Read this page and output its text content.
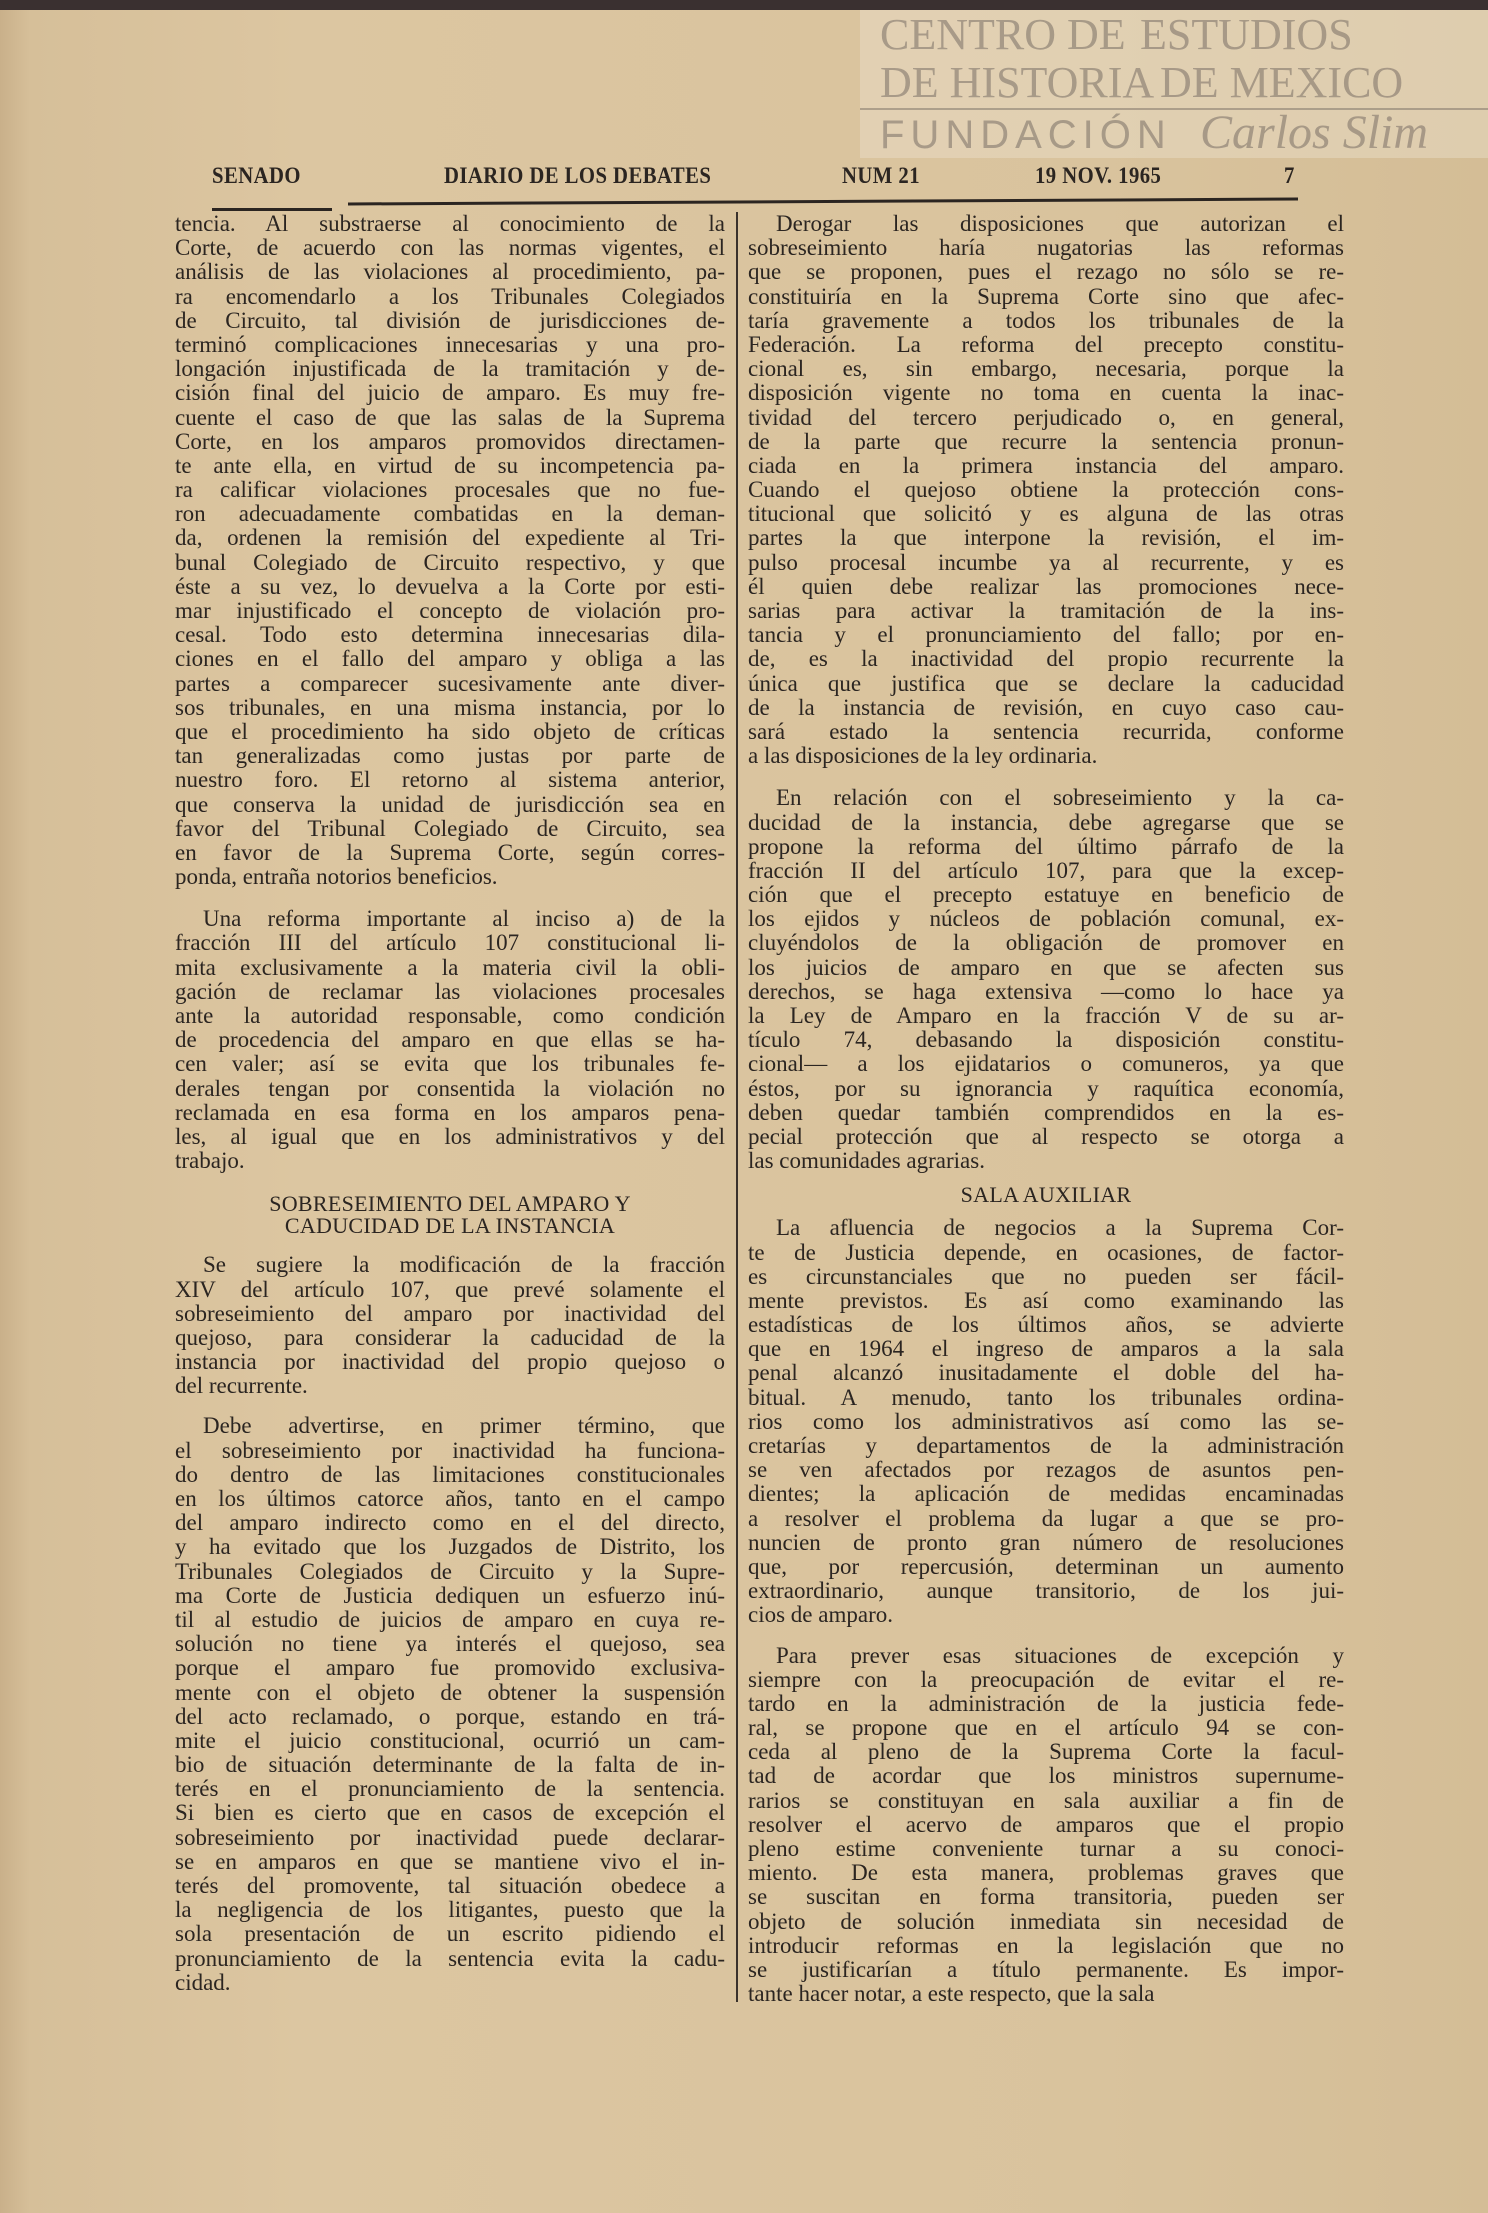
CENTRO DE ESTUDIOS
DE HISTORIA DE MEXICO
FUNDACIÓN Carlos Slim
SENADO	DIARIO DE LOS DEBATES	NUM 21	19 NOV. 1965	7
tencia. Al substraerse al conocimiento de la
Corte, de acuerdo con las normas vigentes, el
análisis de las violaciones al procedimiento, pa-
ra encomendarlo a los Tribunales Colegiados
de Circuito, tal división de jurisdicciones de-
terminó complicaciones innecesarias y una pro-
longación injustificada de la tramitación y de-
cisión final del juicio de amparo. Es muy fre-
cuente el caso de que las salas de la Suprema
Corte, en los amparos promovidos directamen-
te ante ella, en virtud de su incompetencia pa-
ra calificar violaciones procesales que no fue-
ron adecuadamente combatidas en la deman-
da, ordenen la remisión del expediente al Tri-
bunal Colegiado de Circuito respectivo, y que
éste a su vez, lo devuelva a la Corte por esti-
mar injustificado el concepto de violación pro-
cesal. Todo esto determina innecesarias dila-
ciones en el fallo del amparo y obliga a las
partes a comparecer sucesivamente ante diver-
sos tribunales, en una misma instancia, por lo
que el procedimiento ha sido objeto de críticas
tan generalizadas como justas por parte de
nuestro foro. El retorno al sistema anterior,
que conserva la unidad de jurisdicción sea en
favor del Tribunal Colegiado de Circuito, sea
en favor de la Suprema Corte, según corres-
ponda, entraña notorios beneficios.
Una reforma importante al inciso a) de la
fracción III del artículo 107 constitucional li-
mita exclusivamente a la materia civil la obli-
gación de reclamar las violaciones procesales
ante la autoridad responsable, como condición
de procedencia del amparo en que ellas se ha-
cen valer; así se evita que los tribunales fe-
derales tengan por consentida la violación no
reclamada en esa forma en los amparos pena-
les, al igual que en los administrativos y del
trabajo.
SOBRESEIMIENTO DEL AMPARO Y
CADUCIDAD DE LA INSTANCIA
Se sugiere la modificación de la fracción
XIV del artículo 107, que prevé solamente el
sobreseimiento del amparo por inactividad del
quejoso, para considerar la caducidad de la
instancia por inactividad del propio quejoso o
del recurrente.
Debe advertirse, en primer término, que
el sobreseimiento por inactividad ha funciona-
do dentro de las limitaciones constitucionales
en los últimos catorce años, tanto en el campo
del amparo indirecto como en el del directo,
y ha evitado que los Juzgados de Distrito, los
Tribunales Colegiados de Circuito y la Supre-
ma Corte de Justicia dediquen un esfuerzo inú-
til al estudio de juicios de amparo en cuya re-
solución no tiene ya interés el quejoso, sea
porque el amparo fue promovido exclusiva-
mente con el objeto de obtener la suspensión
del acto reclamado, o porque, estando en trá-
mite el juicio constitucional, ocurrió un cam-
bio de situación determinante de la falta de in-
terés en el pronunciamiento de la sentencia.
Si bien es cierto que en casos de excepción el
sobreseimiento por inactividad puede declarar-
se en amparos en que se mantiene vivo el in-
terés del promovente, tal situación obedece a
la negligencia de los litigantes, puesto que la
sola presentación de un escrito pidiendo el
pronunciamiento de la sentencia evita la cadu-
cidad.
Derogar las disposiciones que autorizan el
sobreseimiento haría nugatorias las reformas
que se proponen, pues el rezago no sólo se re-
constituiría en la Suprema Corte sino que afec-
taría gravemente a todos los tribunales de la
Federación. La reforma del precepto constitu-
cional es, sin embargo, necesaria, porque la
disposición vigente no toma en cuenta la inac-
tividad del tercero perjudicado o, en general,
de la parte que recurre la sentencia pronun-
ciada en la primera instancia del amparo.
Cuando el quejoso obtiene la protección cons-
titucional que solicitó y es alguna de las otras
partes la que interpone la revisión, el im-
pulso procesal incumbe ya al recurrente, y es
él quien debe realizar las promociones nece-
sarias para activar la tramitación de la ins-
tancia y el pronunciamiento del fallo; por en-
de, es la inactividad del propio recurrente la
única que justifica que se declare la caducidad
de la instancia de revisión, en cuyo caso cau-
sará estado la sentencia recurrida, conforme
a las disposiciones de la ley ordinaria.
En relación con el sobreseimiento y la ca-
ducidad de la instancia, debe agregarse que se
propone la reforma del último párrafo de la
fracción II del artículo 107, para que la excep-
ción que el precepto estatuye en beneficio de
los ejidos y núcleos de población comunal, ex-
cluyéndolos de la obligación de promover en
los juicios de amparo en que se afecten sus
derechos, se haga extensiva —como lo hace ya
la Ley de Amparo en la fracción V de su ar-
tículo 74, debasando la disposición constitu-
cional— a los ejidatarios o comuneros, ya que
éstos, por su ignorancia y raquítica economía,
deben quedar también comprendidos en la es-
pecial protección que al respecto se otorga a
las comunidades agrarias.
SALA AUXILIAR
La afluencia de negocios a la Suprema Cor-
te de Justicia depende, en ocasiones, de factor-
es circunstanciales que no pueden ser fácil-
mente previstos. Es así como examinando las
estadísticas de los últimos años, se advierte
que en 1964 el ingreso de amparos a la sala
penal alcanzó inusitadamente el doble del ha-
bitual. A menudo, tanto los tribunales ordina-
rios como los administrativos así como las se-
cretarías y departamentos de la administración
se ven afectados por rezagos de asuntos pen-
dientes; la aplicación de medidas encaminadas
a resolver el problema da lugar a que se pro-
nuncien de pronto gran número de resoluciones
que, por repercusión, determinan un aumento
extraordinario, aunque transitorio, de los jui-
cios de amparo.
Para prever esas situaciones de excepción y
siempre con la preocupación de evitar el re-
tardo en la administración de la justicia fede-
ral, se propone que en el artículo 94 se con-
ceda al pleno de la Suprema Corte la facul-
tad de acordar que los ministros supernume-
rarios se constituyan en sala auxiliar a fin de
resolver el acervo de amparos que el propio
pleno estime conveniente turnar a su conoci-
miento. De esta manera, problemas graves que
se suscitan en forma transitoria, pueden ser
objeto de solución inmediata sin necesidad de
introducir reformas en la legislación que no
se justificarían a título permanente. Es impor-
tante hacer notar, a este respecto, que la sala
